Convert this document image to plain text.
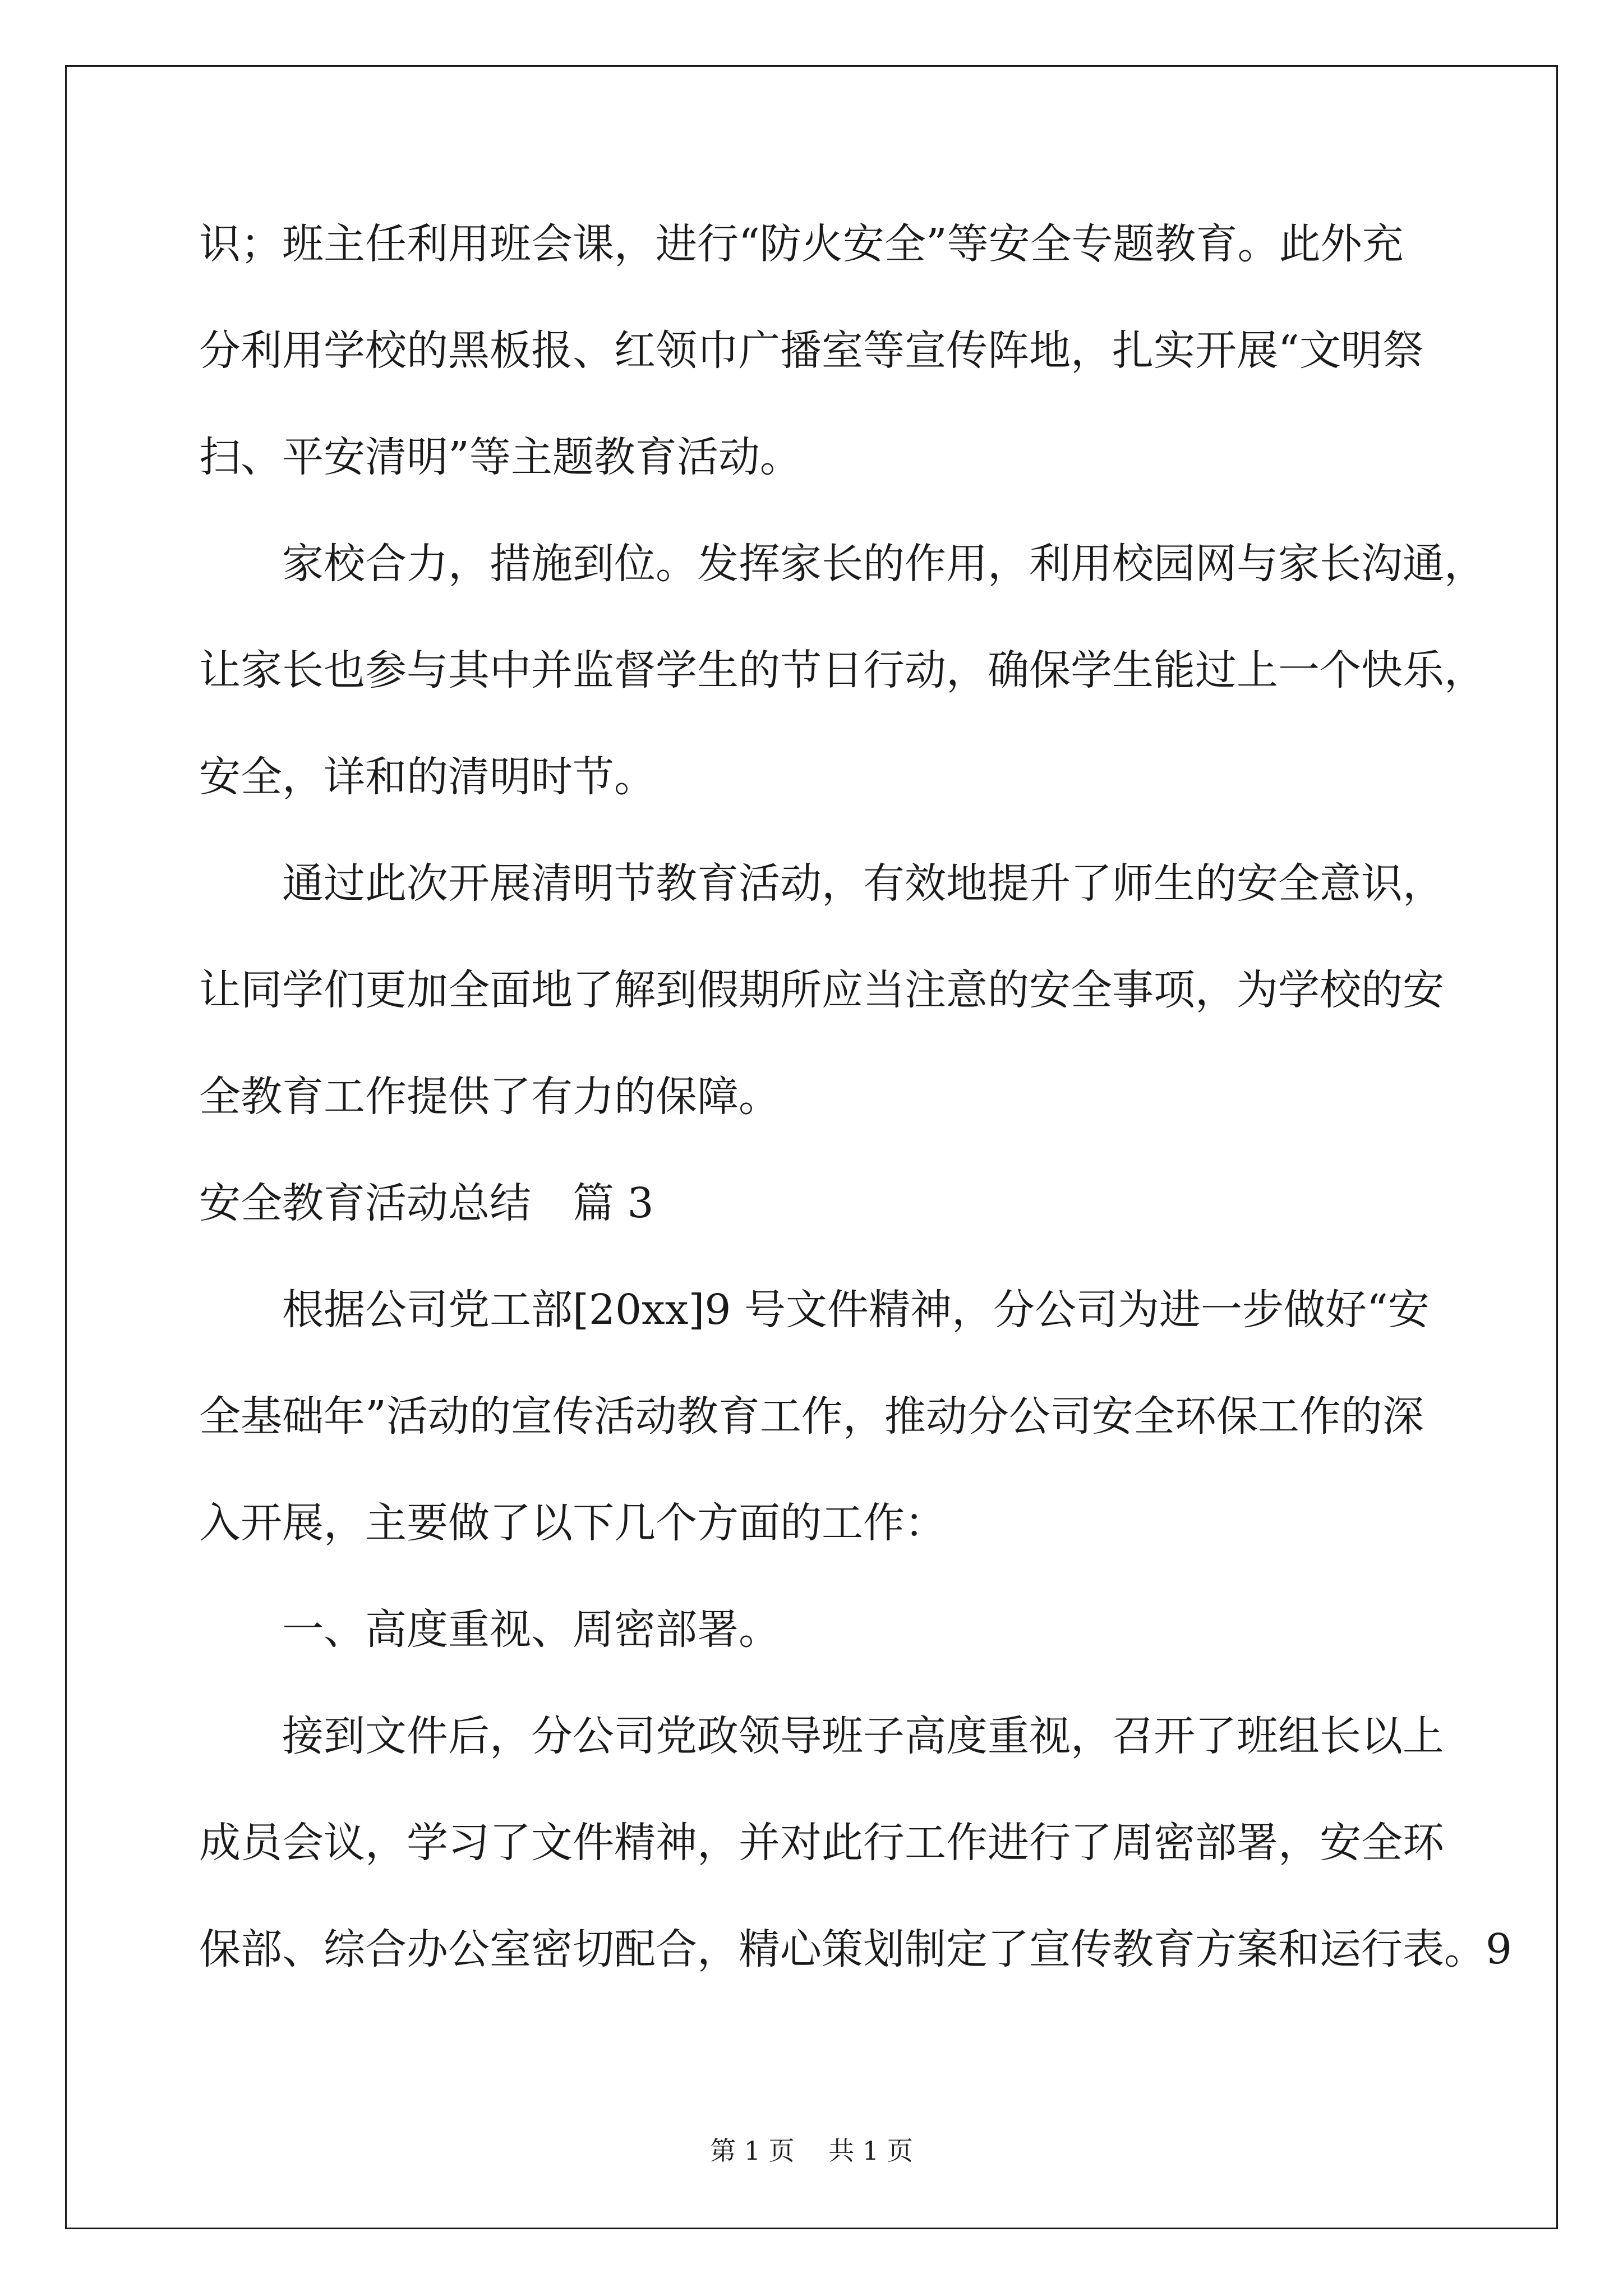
识；班主任利用班会课，进行“防火安全”等安全专题教育。此外充
分利用学校的黑板报、红领巾广播室等宣传阵地，扎实开展“文明祭
扫、平安清明”等主题教育活动。
　　家校合力，措施到位。发挥家长的作用，利用校园网与家长沟通，
让家长也参与其中并监督学生的节日行动，确保学生能过上一个快乐，
安全，详和的清明时节。
　　通过此次开展清明节教育活动，有效地提升了师生的安全意识，
让同学们更加全面地了解到假期所应当注意的安全事项，为学校的安
全教育工作提供了有力的保障。
安全教育活动总结　篇 3
　　根据公司党工部[20xx]9 号文件精神，分公司为进一步做好“安
全基础年”活动的宣传活动教育工作，推动分公司安全环保工作的深
入开展，主要做了以下几个方面的工作：
　　一、高度重视、周密部署。
　　接到文件后，分公司党政领导班子高度重视，召开了班组长以上
成员会议，学习了文件精神，并对此行工作进行了周密部署，安全环
保部、综合办公室密切配合，精心策划制定了宣传教育方案和运行表。9
第 1 页　 共 1 页
